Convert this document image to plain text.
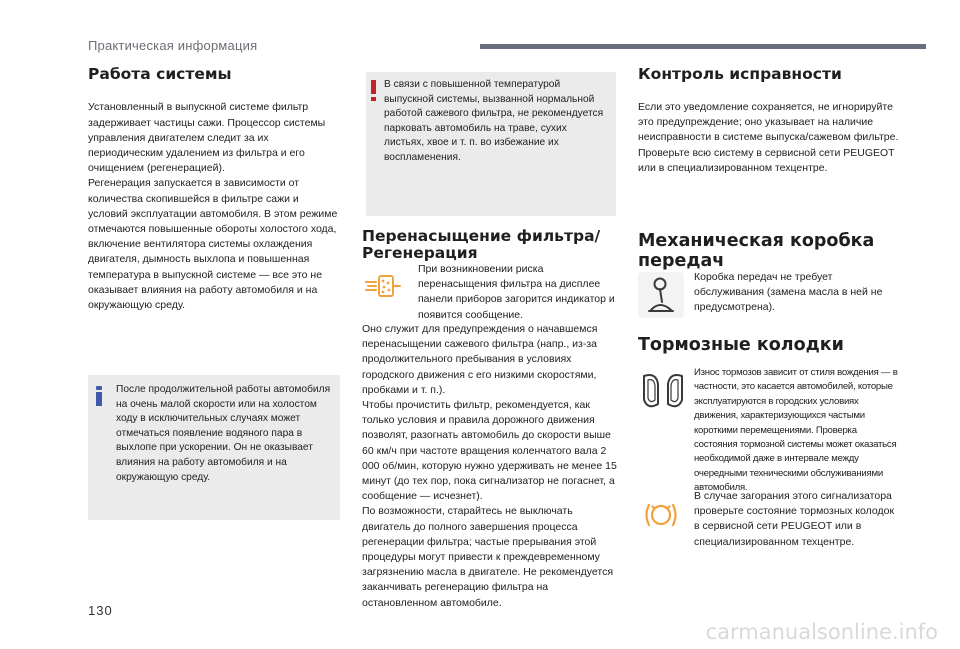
Практическая информация
Работа системы

Установленный в выпускной системе фильтр задерживает частицы сажи. Процессор системы управления двигателем следит за их периодическим удалением из фильтра и его очищением (регенерацией).
Регенерация запускается в зависимости от количества скопившейся в фильтре сажи и условий эксплуатации автомобиля. В этом режиме отмечаются повышенные обороты холостого хода, включение вентилятора системы охлаждения двигателя, дымность выхлопа и повышенная температура в выпускной системе — все это не оказывает влияния на работу автомобиля и на окружающую среду.

После продолжительной работы автомобиля на очень малой скорости или на холостом ходу в исключительных случаях может отмечаться появление водяного пара в выхлопе при ускорении. Он не оказывает влияния на работу автомобиля и на окружающую среду.

В связи с повышенной температурой выпускной системы, вызванной нормальной работой сажевого фильтра, не рекомендуется парковать автомобиль на траве, сухих листьях, хвое и т. п. во избежание их воспламенения.

Перенасыщение фильтра/ Регенерация

При возникновении риска перенасыщения фильтра на дисплее панели приборов загорится индикатор и появится сообщение.

Оно служит для предупреждения о начавшемся перенасыщении сажевого фильтра (напр., из-за продолжительного пребывания в условиях городского движения с его низкими скоростями, пробками и т. п.).
Чтобы прочистить фильтр, рекомендуется, как только условия и правила дорожного движения позволят, разогнать автомобиль до скорости выше 60 км/ч при частоте вращения коленчатого вала 2 000 об/мин, которую нужно удерживать не менее 15 минут (до тех пор, пока сигнализатор не погаснет, а сообщение — исчезнет).
По возможности, старайтесь не выключать двигатель до полного завершения процесса регенерации фильтра; частые прерывания этой процедуры могут привести к преждевременному загрязнению масла в двигателе. Не рекомендуется заканчивать регенерацию фильтра на остановленном автомобиле.

Контроль исправности

Если это уведомление сохраняется, не игнорируйте это предупреждение; оно указывает на наличие неисправности в системе выпуска/сажевом фильтре.
Проверьте всю систему в сервисной сети PEUGEOT или в специализированном техцентре.

Механическая коробка передач

Коробка передач не требует обслуживания (замена масла в ней не предусмотрена).

Тормозные колодки

Износ тормозов зависит от стиля вождения — в частности, это касается автомобилей, которые эксплуатируются в городских условиях движения, характеризующихся частыми короткими перемещениями. Проверка состояния тормозной системы может оказаться необходимой даже в интервале между очередными техническими обслуживаниями автомобиля.

В случае загорания этого сигнализатора проверьте состояние тормозных колодок в сервисной сети PEUGEOT или в специализированном техцентре.

130
carmanualsonline.info
